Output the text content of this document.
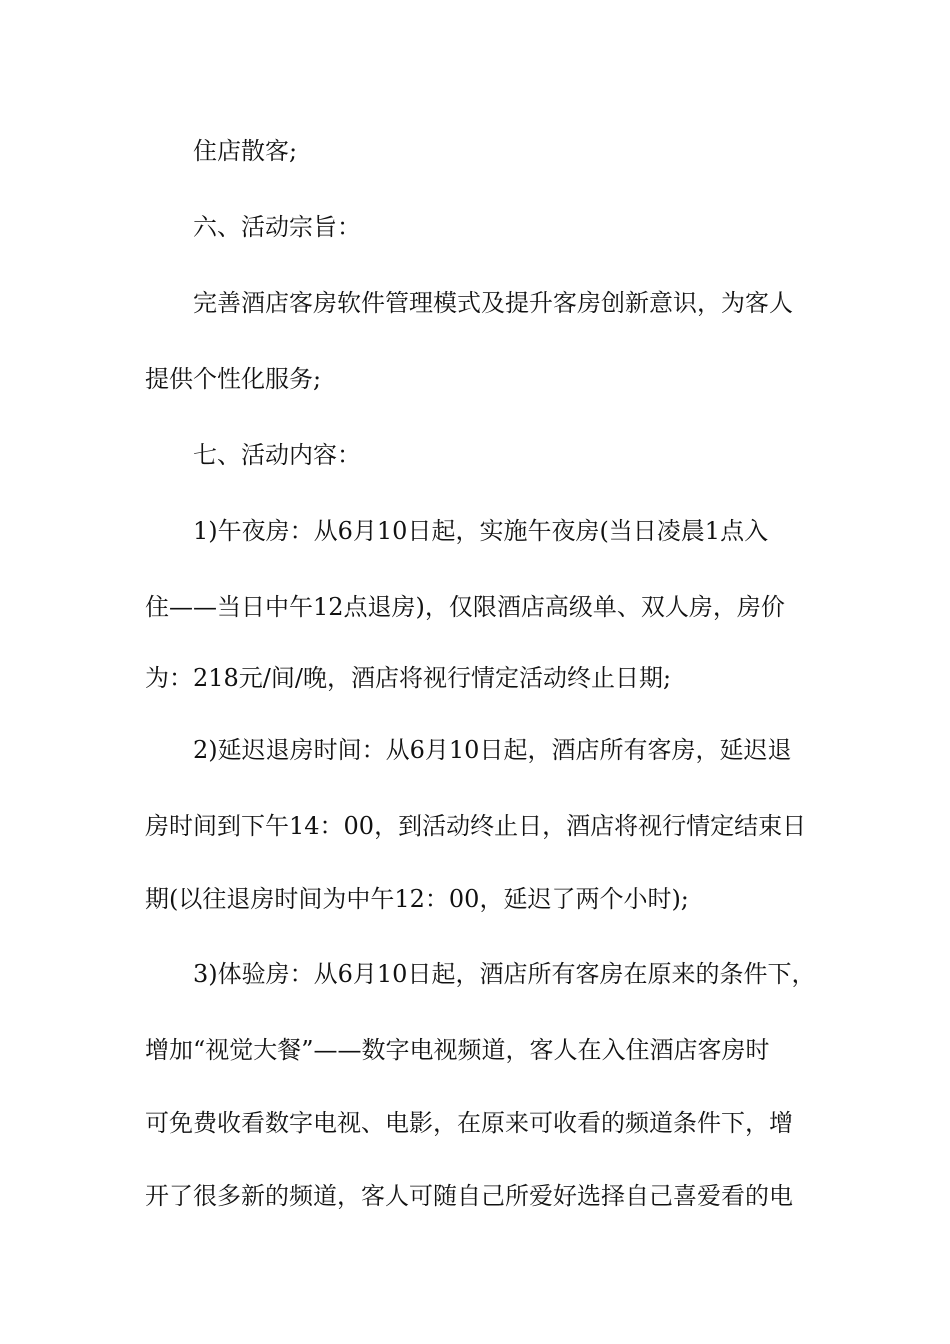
住店散客;
六、活动宗旨：
完善酒店客房软件管理模式及提升客房创新意识，为客人
提供个性化服务;
七、活动内容：
1)午夜房：从6月10日起，实施午夜房(当日凌晨1点入
住——当日中午12点退房)，仅限酒店高级单、双人房，房价
为：218元/间/晚，酒店将视行情定活动终止日期;
2)延迟退房时间：从6月10日起，酒店所有客房，延迟退
房时间到下午14：00，到活动终止日，酒店将视行情定结束日
期(以往退房时间为中午12：00，延迟了两个小时);
3)体验房：从6月10日起，酒店所有客房在原来的条件下，
增加“视觉大餐”——数字电视频道，客人在入住酒店客房时
可免费收看数字电视、电影，在原来可收看的频道条件下，增
开了很多新的频道，客人可随自己所爱好选择自己喜爱看的电
